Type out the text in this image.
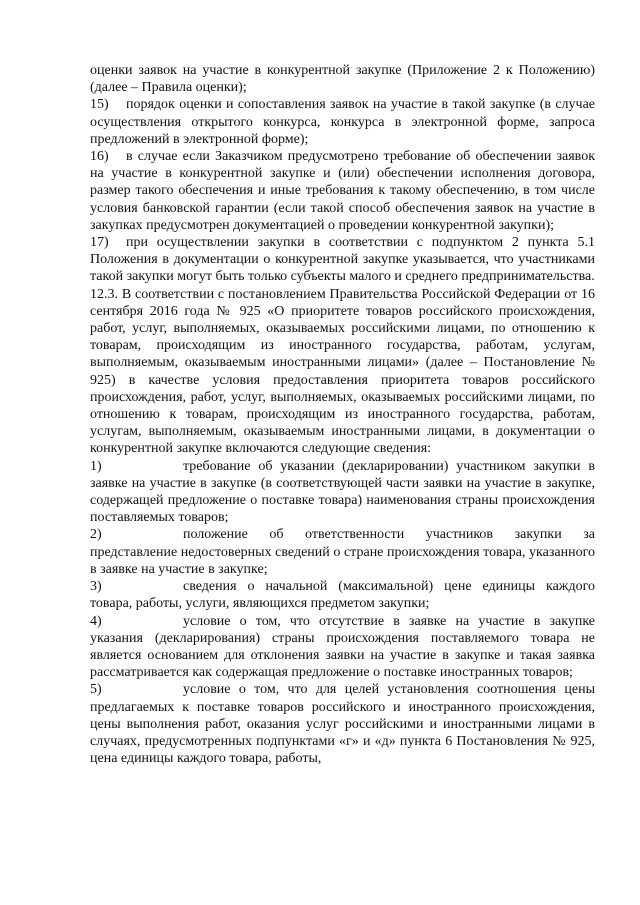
оценки заявок на участие в конкурентной закупке (Приложение 2 к Положению) (далее – Правила оценки);

15) порядок оценки и сопоставления заявок на участие в такой закупке (в случае осуществления открытого конкурса, конкурса в электронной форме, запроса предложений в электронной форме);

16) в случае если Заказчиком предусмотрено требование об обеспечении заявок на участие в конкурентной закупке и (или) обеспечении исполнения договора, размер такого обеспечения и иные требования к такому обеспечению, в том числе условия банковской гарантии (если такой способ обеспечения заявок на участие в закупках предусмотрен документацией о проведении конкурентной закупки);

17) при осуществлении закупки в соответствии с подпунктом 2 пункта 5.1 Положения в документации о конкурентной закупке указывается, что участниками такой закупки могут быть только субъекты малого и среднего предпринимательства.

12.3. В соответствии с постановлением Правительства Российской Федерации от 16 сентября 2016 года № 925 «О приоритете товаров российского происхождения, работ, услуг, выполняемых, оказываемых российскими лицами, по отношению к товарам, происходящим из иностранного государства, работам, услугам, выполняемым, оказываемым иностранными лицами» (далее – Постановление № 925) в качестве условия предоставления приоритета товаров российского происхождения, работ, услуг, выполняемых, оказываемых российскими лицами, по отношению к товарам, происходящим из иностранного государства, работам, услугам, выполняемым, оказываемым иностранными лицами, в документации о конкурентной закупке включаются следующие сведения:

1)	требование об указании (декларировании) участником закупки в заявке на участие в закупке (в соответствующей части заявки на участие в закупке, содержащей предложение о поставке товара) наименования страны происхождения поставляемых товаров;

2)	положение об ответственности участников закупки за представление недостоверных сведений о стране происхождения товара, указанного в заявке на участие в закупке;

3)	сведения о начальной (максимальной) цене единицы каждого товара, работы, услуги, являющихся предметом закупки;

4)	условие о том, что отсутствие в заявке на участие в закупке указания (декларирования) страны происхождения поставляемого товара не является основанием для отклонения заявки на участие в закупке и такая заявка рассматривается как содержащая предложение о поставке иностранных товаров;

5)	условие о том, что для целей установления соотношения цены предлагаемых к поставке товаров российского и иностранного происхождения, цены выполнения работ, оказания услуг российскими и иностранными лицами в случаях, предусмотренных подпунктами «г» и «д» пункта 6 Постановления № 925, цена единицы каждого товара, работы,
